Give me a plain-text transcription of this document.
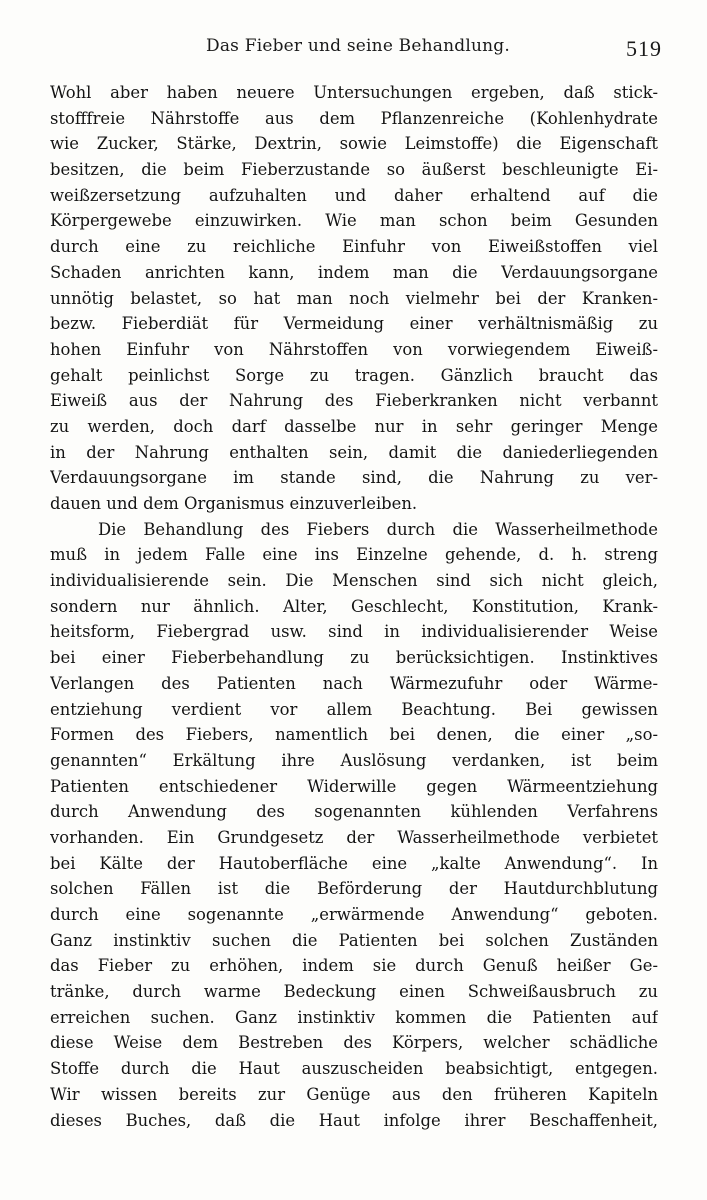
Das Fieber und seine Behandlung.	519
Wohl aber haben neuere Untersuchungen ergeben, daß stick-
stofffreie Nährstoffe aus dem Pflanzenreiche (Kohlenhydrate
wie Zucker, Stärke, Dextrin, sowie Leimstoffe) die Eigenschaft
besitzen, die beim Fieberzustande so äußerst beschleunigte Ei-
weißzersetzung aufzuhalten und daher erhaltend auf die
Körpergewebe einzuwirken. Wie man schon beim Gesunden
durch eine zu reichliche Einfuhr von Eiweißstoffen viel
Schaden anrichten kann, indem man die Verdauungsorgane
unnötig belastet, so hat man noch vielmehr bei der Kranken-
bezw. Fieberdiät für Vermeidung einer verhältnismäßig zu
hohen Einfuhr von Nährstoffen von vorwiegendem Eiweiß-
gehalt peinlichst Sorge zu tragen. Gänzlich braucht das
Eiweiß aus der Nahrung des Fieberkranken nicht verbannt
zu werden, doch darf dasselbe nur in sehr geringer Menge
in der Nahrung enthalten sein, damit die daniederliegenden
Verdauungsorgane im stande sind, die Nahrung zu ver-
dauen und dem Organismus einzuverleiben.
Die Behandlung des Fiebers durch die Wasserheilmethode
muß in jedem Falle eine ins Einzelne gehende, d. h. streng
individualisierende sein. Die Menschen sind sich nicht gleich,
sondern nur ähnlich. Alter, Geschlecht, Konstitution, Krank-
heitsform, Fiebergrad usw. sind in individualisierender Weise
bei einer Fieberbehandlung zu berücksichtigen. Instinktives
Verlangen des Patienten nach Wärmezufuhr oder Wärme-
entziehung verdient vor allem Beachtung. Bei gewissen
Formen des Fiebers, namentlich bei denen, die einer „so-
genannten“ Erkältung ihre Auslösung verdanken, ist beim
Patienten entschiedener Widerwille gegen Wärmeentziehung
durch Anwendung des sogenannten kühlenden Verfahrens
vorhanden. Ein Grundgesetz der Wasserheilmethode verbietet
bei Kälte der Hautoberfläche eine „kalte Anwendung“. In
solchen Fällen ist die Beförderung der Hautdurchblutung
durch eine sogenannte „erwärmende Anwendung“ geboten.
Ganz instinktiv suchen die Patienten bei solchen Zuständen
das Fieber zu erhöhen, indem sie durch Genuß heißer Ge-
tränke, durch warme Bedeckung einen Schweißausbruch zu
erreichen suchen. Ganz instinktiv kommen die Patienten auf
diese Weise dem Bestreben des Körpers, welcher schädliche
Stoffe durch die Haut auszuscheiden beabsichtigt, entgegen.
Wir wissen bereits zur Genüge aus den früheren Kapiteln
dieses Buches, daß die Haut infolge ihrer Beschaffenheit,
